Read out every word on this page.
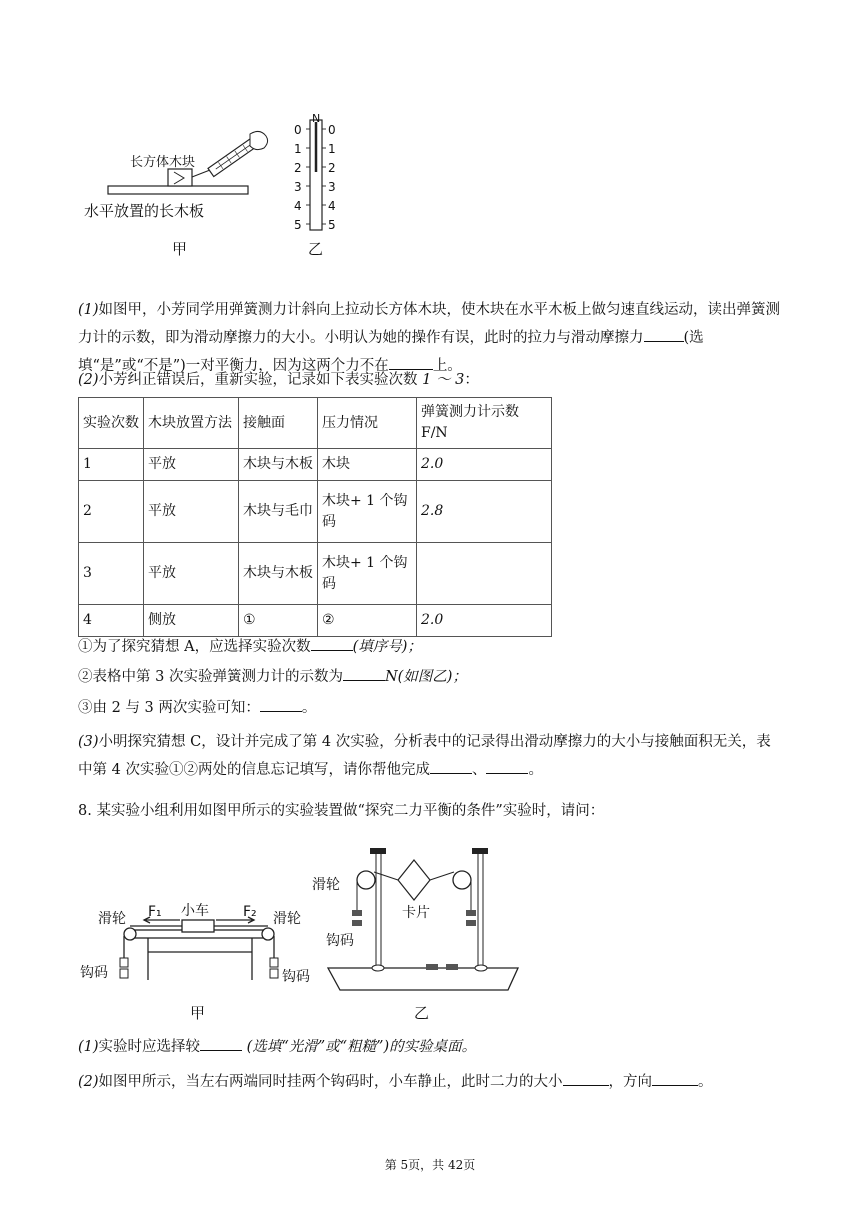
长方体木块
水平放置的长木板
甲	乙
N
0
1
2
3
4
5
0
1
2
3
4
5
(1)如图甲，小芳同学用弹簧测力计斜向上拉动长方体木块，使木块在水平木板上做匀速直线运动，读出弹簧测力计的示数，即为滑动摩擦力的大小。小明认为她的操作有误，此时的拉力与滑动摩擦力	(选填“是”或“不是”)一对平衡力，因为这两个力不在	上。
(2)小芳纠正错误后，重新实验，记录如下表实验次数 1 ～ 3：
实验次数	木块放置方法	接触面	压力情况	弹簧测力计示数 F/N
1	平放	木块与木板	木块	2.0
2	平放	木块与毛巾	木块+ 1 个钩码	2.8
3	平放	木块与木板	木块+ 1 个钩码	
4	侧放	①	②	2.0
①为了探究猜想 A，应选择实验次数	(填序号)；
②表格中第 3 次实验弹簧测力计的示数为	N(如图乙)；
③由 2 与 3 两次实验可知：	。
(3)小明探究猜想 C，设计并完成了第 4 次实验，分析表中的记录得出滑动摩擦力的大小与接触面积无关，表中第 4 次实验①②两处的信息忘记填写，请你帮他完成	、	。
8. 某实验小组利用如图甲所示的实验装置做“探究二力平衡的条件”实验时，请问：
滑轮 F₁ 小车 F₂ 滑轮
钩码	钩码
甲
滑轮
卡片
钩码
乙
(1)实验时应选择较	(选填“光滑”或“粗糙”)的实验桌面。
(2)如图甲所示，当左右两端同时挂两个钩码时，小车静止，此时二力的大小	，方向	。
第 5页，共 42页
